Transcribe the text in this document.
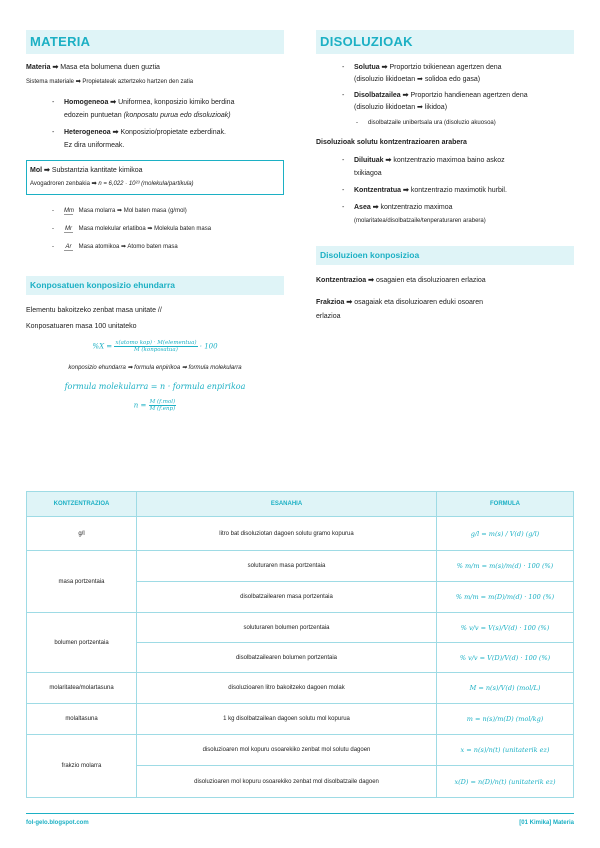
MATERIA
Materia ➡ Masa eta bolumena duen guztia
Sistema materiale ➡ Propietateak aztertzeko hartzen den zatia
- Homogeneoa ➡ Uniformea, konposizio kimiko berdina
edozein puntuetan (konposatu purua edo disoluzioak)
- Heterogeneoa ➡ Konposizio/propietate ezberdinak.
Ez dira uniformeak.
Mol ➡ Substantzia kantitate kimikoa
Avogadroren zenbakia ➡ n = 6,022 · 10²³ (molekula/partikula)
- Mm Masa molarra ➡ Mol baten masa (g/mol)
- Mr Masa molekular erlatiboa ➡ Molekula baten masa
- Ar Masa atomikoa ➡ Atomo baten masa
Konposatuen konposizio ehundarra
Elementu bakoitzeko zenbat masa unitate //
Konposatuaren masa 100 unitateko
$\%X = \frac{\text{x(atomo kop) · M(elementua)}}{\text{M (konposatua)}} \cdot 100$
konposizio ehundarra ➡ formula enpirikoa ➡ formula molekularra
formula molekularra = n · formula enpirikoa
$n = \frac{\text{M (f.mol)}}{\text{M (f.enp)}}$
DISOLUZIOAK
- Solutua ➡ Proportzio txikienean agertzen dena
(disoluzio likidoetan ➡ solidoa edo gasa)
- Disolbatzailea ➡ Proportzio handienean agertzen dena
(disoluzio likidoetan ➡ likidoa)
- disolbatzaile unibertsala ura (disoluzio akuosoa)
Disoluzioak solutu kontzentrazioaren arabera
- Diluituak ➡ kontzentrazio maximoa baino askoz
txikiagoa
- Kontzentratua ➡ kontzentrazio maximotik hurbil.
- Asea ➡ kontzentrazio maximoa
(molaritatea/disolbatzaile/tenperaturaren arabera)
Disoluzioen konposizioa
Kontzentrazioa ➡ osagaien eta disoluzioaren erlazioa
Frakzioa ➡ osagaiak eta disoluzioaren eduki osoaren
erlazioa
KONTZENTRAZIOA	ESANAHIA	FORMULA
g/l	litro bat disoluziotan dagoen solutu gramo kopurua	g/l = m(s) / V(d) (g/l)
masa portzentaia	soluturaren masa portzentaia	% m/m = m(s)/m(d) · 100 (%)
	disolbatzailearen masa portzentaia	% m/m = m(D)/m(d) · 100 (%)
bolumen portzentaia	soluturaren bolumen portzentaia	% v/v = V(s)/V(d) · 100 (%)
	disolbatzailearen bolumen portzentaia	% v/v = V(D)/V(d) · 100 (%)
molaritatea/molartasuna	disoluzioaren litro bakoitzeko dagoen molak	M = n(s)/V(d) (mol/L)
molaltasuna	1 kg disolbatzailean dagoen solutu mol kopurua	m = n(s)/m(D) (mol/kg)
frakzio molarra	disoluzioaren mol kopuru osoarekiko zenbat mol solutu dagoen	x = n(s)/n(t) (unitaterik ez)
	disoluzioaren mol kopuru osoarekiko zenbat mol disolbatzaile dagoen	x(D) = n(D)/n(t) (unitaterik ez)
fol-gelo.blogspot.com	[01 Kimika] Materia
